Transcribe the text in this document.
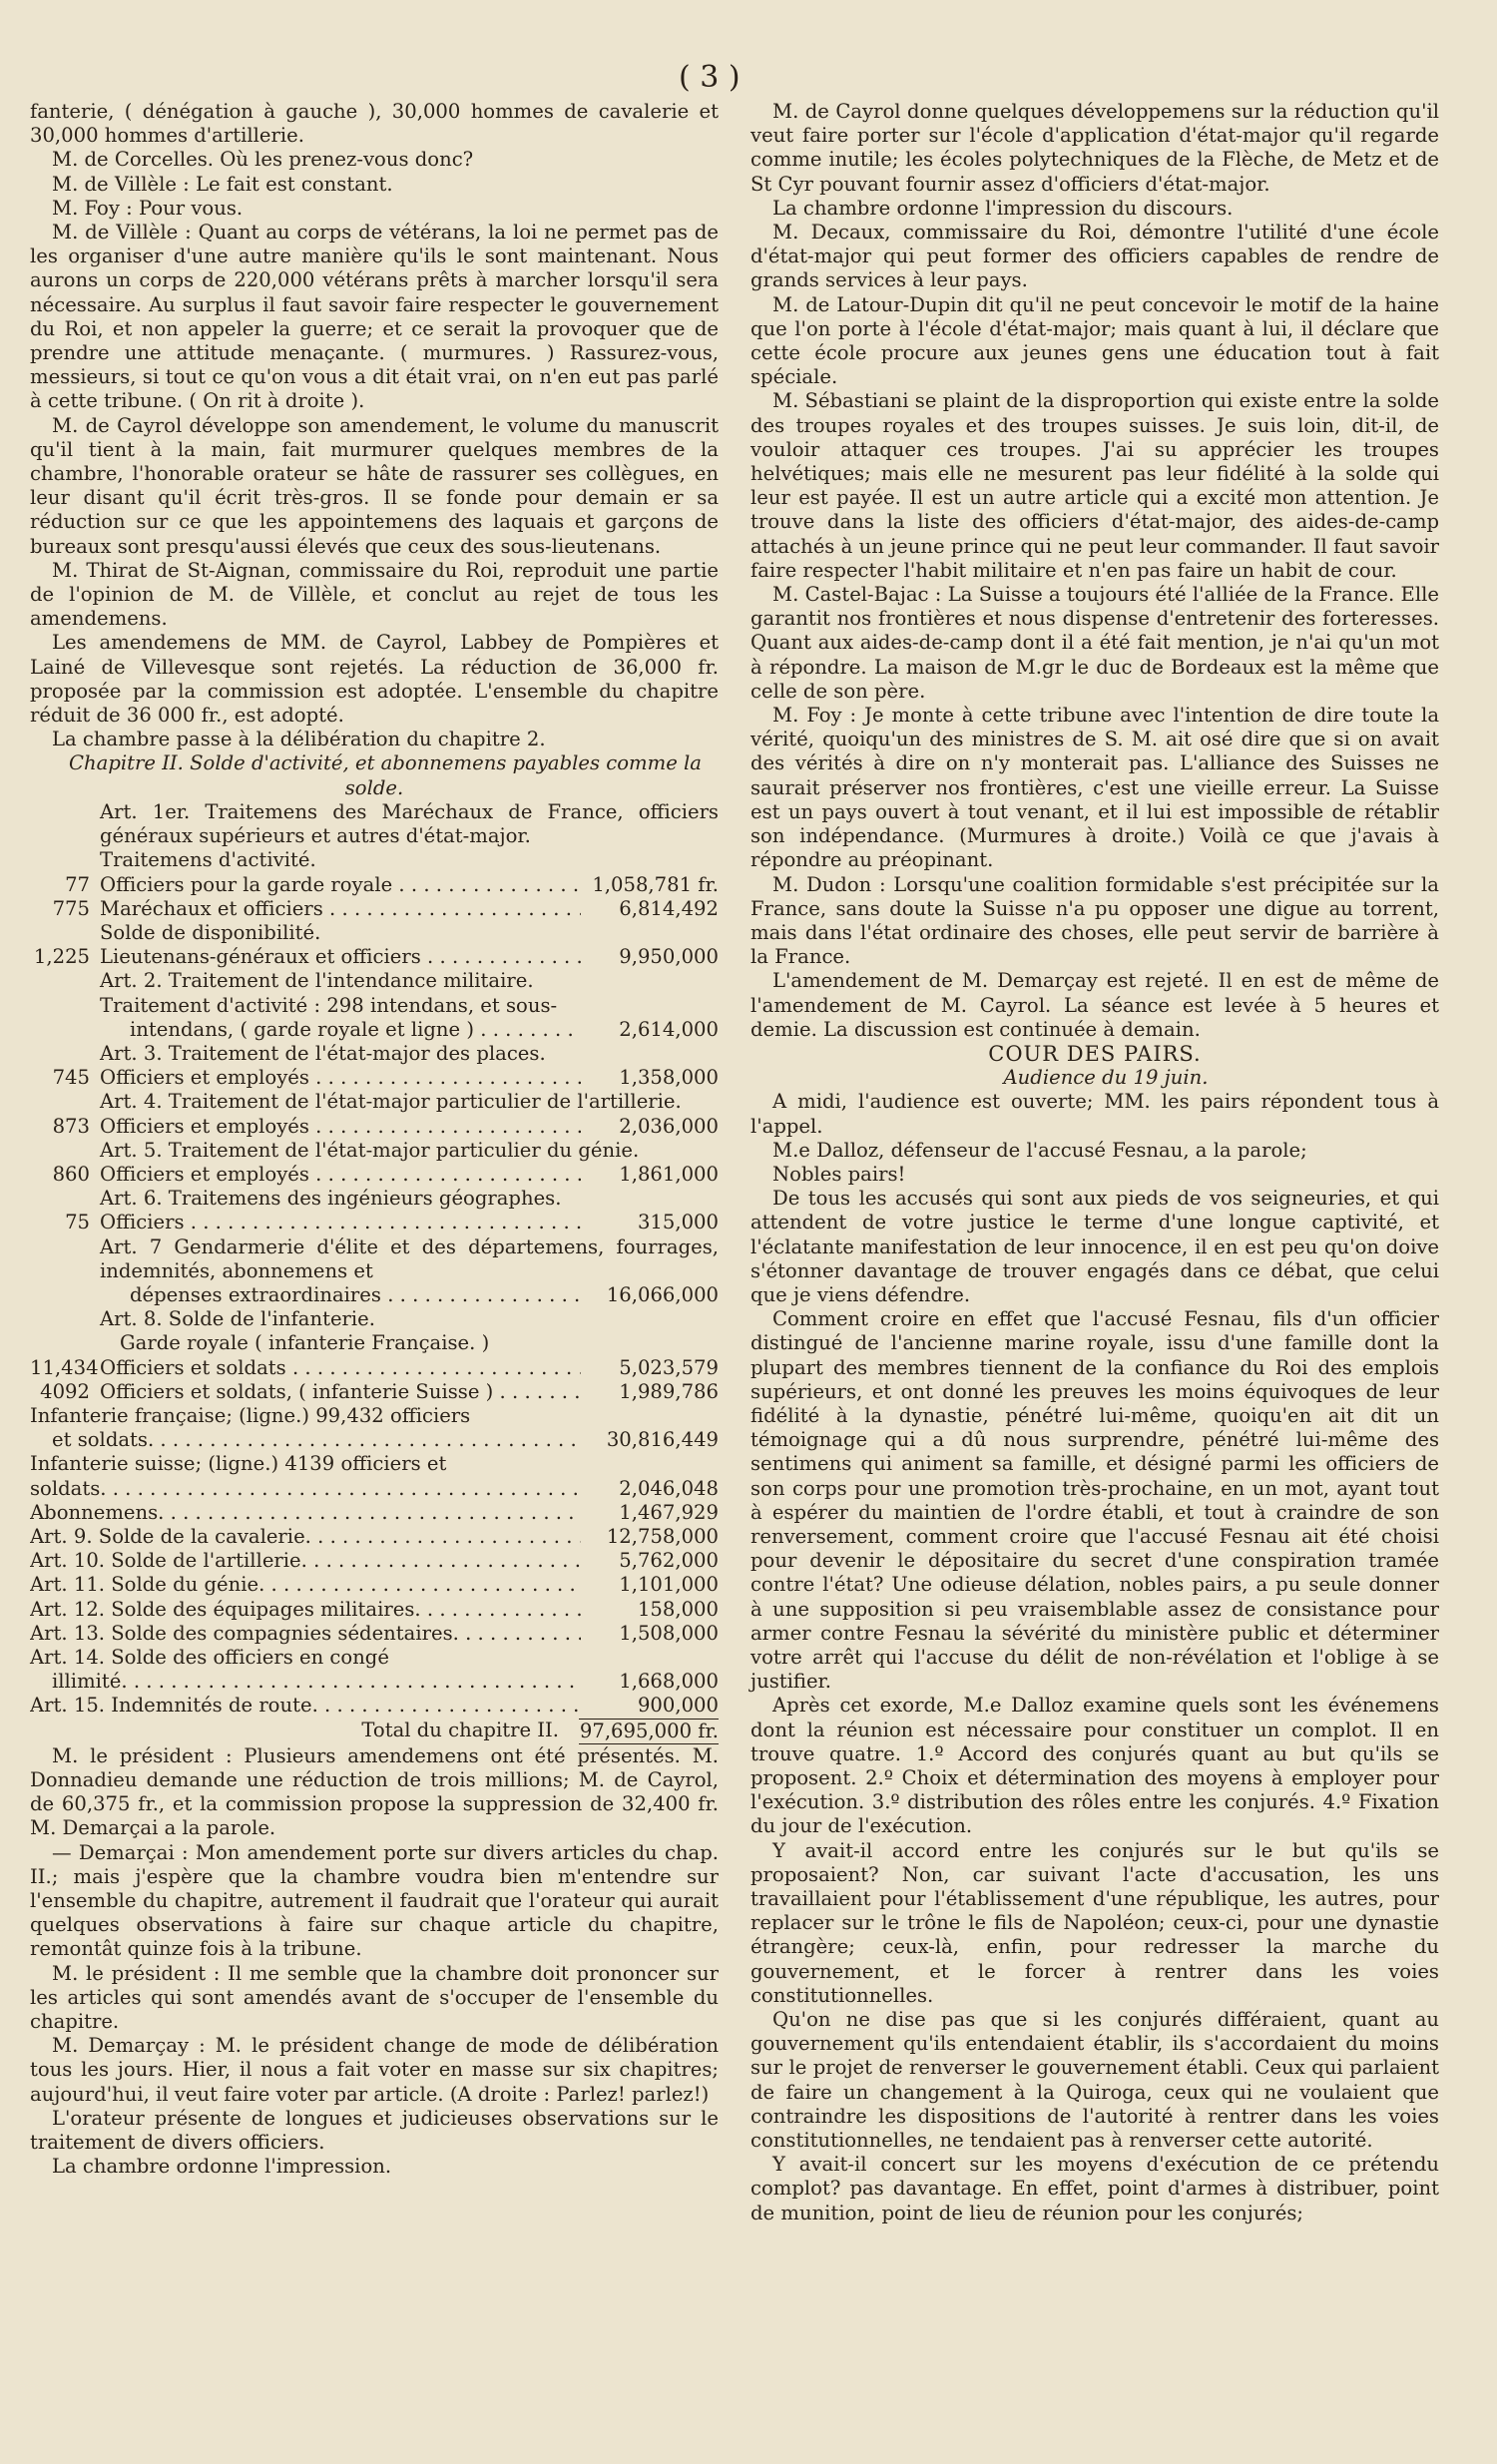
( 3 )

fanterie, ( dénégation à gauche ), 30,000 hommes de cavalerie et 30,000 hommes d'artillerie.

M. de Corcelles. Où les prenez-vous donc?

M. de Villèle : Le fait est constant.

M. Foy : Pour vous.

M. de Villèle : Quant au corps de vétérans, la loi ne permet pas de les organiser d'une autre manière qu'ils le sont maintenant. Nous aurons un corps de 220,000 vétérans prêts à marcher lorsqu'il sera nécessaire. Au surplus il faut savoir faire respecter le gouvernement du Roi, et non appeler la guerre; et ce serait la provoquer que de prendre une attitude menaçante. ( murmures. ) Rassurez-vous, messieurs, si tout ce qu'on vous a dit était vrai, on n'en eut pas parlé à cette tribune. ( On rit à droite ).

M. de Cayrol développe son amendement, le volume du manuscrit qu'il tient à la main, fait murmurer quelques membres de la chambre, l'honorable orateur se hâte de rassurer ses collègues, en leur disant qu'il écrit très-gros. Il se fonde pour demain er sa réduction sur ce que les appointemens des laquais et garçons de bureaux sont presqu'aussi élevés que ceux des sous-lieutenans.

M. Thirat de St-Aignan, commissaire du Roi, reproduit une partie de l'opinion de M. de Villèle, et conclut au rejet de tous les amendemens.

Les amendemens de MM. de Cayrol, Labbey de Pompières et Lainé de Villevesque sont rejetés. La réduction de 36,000 fr. proposée par la commission est adoptée. L'ensemble du chapitre réduit de 36 000 fr., est adopté.

La chambre passe à la délibération du chapitre 2.

Chapitre II. Solde d'activité, et abonnemens payables comme la solde.

Art. 1er. Traitemens des Maréchaux de France, officiers généraux supérieurs et autres d'état-major.

Traitemens d'activité.

77 Officiers pour la garde royale . . .	1,058,781 fr.
775 Maréchaux et officiers . . .	6,814,492

Solde de disponibilité.

1,225 Lieutenans-généraux et officiers . . .	9,950,000

Art. 2. Traitement de l'intendance militaire.

Traitement d'activité : 298 intendans, et sous-

intendans, ( garde royale et ligne ) . . .	2,614,000

Art. 3. Traitement de l'état-major des places.

745 Officiers et employés . . .	1,358,000

Art. 4. Traitement de l'état-major particulier de l'artillerie.

873 Officiers et employés . . .	2,036,000

Art. 5. Traitement de l'état-major particulier du génie.

860 Officiers et employés . . .	1,861,000

Art. 6. Traitemens des ingénieurs géographes.

75 Officiers . . .	315,000

Art. 7 Gendarmerie d'élite et des départemens, fourrages, indemnités, abonnemens et

dépenses extraordinaires . . .	16,066,000

Art. 8. Solde de l'infanterie.

Garde royale ( infanterie Française. )

11,434 Officiers et soldats . . .	5,023,579
4092 Officiers et soldats, ( infanterie Suisse ) . . .	1,989,786

Infanterie française; (ligne.) 99,432 officiers

et soldats. . . .	30,816,449

Infanterie suisse; (ligne.) 4139 officiers et

soldats. . . .	2,046,048
Abonnemens. . . .	1,467,929
Art. 9. Solde de la cavalerie. . . .	12,758,000
Art. 10. Solde de l'artillerie. . . .	5,762,000
Art. 11. Solde du génie. . . .	1,101,000
Art. 12. Solde des équipages militaires. . . .	158,000
Art. 13. Solde des compagnies sédentaires. . . .	1,508,000

Art. 14. Solde des officiers en congé

illimité. . . .	1,668,000
Art. 15. Indemnités de route. . . .	900,000
Total du chapitre II.	97,695,000 fr.

M. le président : Plusieurs amendemens ont été présentés. M. Donnadieu demande une réduction de trois millions; M. de Cayrol, de 60,375 fr., et la commission propose la suppression de 32,400 fr. M. Demarçai a la parole.

— Demarçai : Mon amendement porte sur divers articles du chap. II.; mais j'espère que la chambre voudra bien m'entendre sur l'ensemble du chapitre, autrement il faudrait que l'orateur qui aurait quelques observations à faire sur chaque article du chapitre, remontât quinze fois à la tribune.

M. le président : Il me semble que la chambre doit prononcer sur les articles qui sont amendés avant de s'occuper de l'ensemble du chapitre.

M. Demarçay : M. le président change de mode de délibération tous les jours. Hier, il nous a fait voter en masse sur six chapitres; aujourd'hui, il veut faire voter par article. (A droite : Parlez! parlez!)

L'orateur présente de longues et judicieuses observations sur le traitement de divers officiers.

La chambre ordonne l'impression.

M. de Cayrol donne quelques développemens sur la réduction qu'il veut faire porter sur l'école d'application d'état-major qu'il regarde comme inutile; les écoles polytechniques de la Flèche, de Metz et de St Cyr pouvant fournir assez d'officiers d'état-major.

La chambre ordonne l'impression du discours.

M. Decaux, commissaire du Roi, démontre l'utilité d'une école d'état-major qui peut former des officiers capables de rendre de grands services à leur pays.

M. de Latour-Dupin dit qu'il ne peut concevoir le motif de la haine que l'on porte à l'école d'état-major; mais quant à lui, il déclare que cette école procure aux jeunes gens une éducation tout à fait spéciale.

M. Sébastiani se plaint de la disproportion qui existe entre la solde des troupes royales et des troupes suisses. Je suis loin, dit-il, de vouloir attaquer ces troupes. J'ai su apprécier les troupes helvétiques; mais elle ne mesurent pas leur fidélité à la solde qui leur est payée. Il est un autre article qui a excité mon attention. Je trouve dans la liste des officiers d'état-major, des aides-de-camp attachés à un jeune prince qui ne peut leur commander. Il faut savoir faire respecter l'habit militaire et n'en pas faire un habit de cour.

M. Castel-Bajac : La Suisse a toujours été l'alliée de la France. Elle garantit nos frontières et nous dispense d'entretenir des forteresses. Quant aux aides-de-camp dont il a été fait mention, je n'ai qu'un mot à répondre. La maison de M.gr le duc de Bordeaux est la même que celle de son père.

M. Foy : Je monte à cette tribune avec l'intention de dire toute la vérité, quoiqu'un des ministres de S. M. ait osé dire que si on avait des vérités à dire on n'y monterait pas. L'alliance des Suisses ne saurait préserver nos frontières, c'est une vieille erreur. La Suisse est un pays ouvert à tout venant, et il lui est impossible de rétablir son indépendance. (Murmures à droite.) Voilà ce que j'avais à répondre au préopinant.

M. Dudon : Lorsqu'une coalition formidable s'est précipitée sur la France, sans doute la Suisse n'a pu opposer une digue au torrent, mais dans l'état ordinaire des choses, elle peut servir de barrière à la France.

L'amendement de M. Demarçay est rejeté. Il en est de même de l'amendement de M. Cayrol. La séance est levée à 5 heures et demie. La discussion est continuée à demain.

COUR DES PAIRS.

Audience du 19 juin.

A midi, l'audience est ouverte; MM. les pairs répondent tous à l'appel.

M.e Dalloz, défenseur de l'accusé Fesnau, a la parole;

Nobles pairs!

De tous les accusés qui sont aux pieds de vos seigneuries, et qui attendent de votre justice le terme d'une longue captivité, et l'éclatante manifestation de leur innocence, il en est peu qu'on doive s'étonner davantage de trouver engagés dans ce débat, que celui que je viens défendre.

Comment croire en effet que l'accusé Fesnau, fils d'un officier distingué de l'ancienne marine royale, issu d'une famille dont la plupart des membres tiennent de la confiance du Roi des emplois supérieurs, et ont donné les preuves les moins équivoques de leur fidélité à la dynastie, pénétré lui-même, quoiqu'en ait dit un témoignage qui a dû nous surprendre, pénétré lui-même des sentimens qui animent sa famille, et désigné parmi les officiers de son corps pour une promotion très-prochaine, en un mot, ayant tout à espérer du maintien de l'ordre établi, et tout à craindre de son renversement, comment croire que l'accusé Fesnau ait été choisi pour devenir le dépositaire du secret d'une conspiration tramée contre l'état? Une odieuse délation, nobles pairs, a pu seule donner à une supposition si peu vraisemblable assez de consistance pour armer contre Fesnau la sévérité du ministère public et déterminer votre arrêt qui l'accuse du délit de non-révélation et l'oblige à se justifier.

Après cet exorde, M.e Dalloz examine quels sont les événemens dont la réunion est nécessaire pour constituer un complot. Il en trouve quatre. 1.º Accord des conjurés quant au but qu'ils se proposent. 2.º Choix et détermination des moyens à employer pour l'exécution. 3.º distribution des rôles entre les conjurés. 4.º Fixation du jour de l'exécution.

Y avait-il accord entre les conjurés sur le but qu'ils se proposaient? Non, car suivant l'acte d'accusation, les uns travaillaient pour l'établissement d'une république, les autres, pour replacer sur le trône le fils de Napoléon; ceux-ci, pour une dynastie étrangère; ceux-là, enfin, pour redresser la marche du gouvernement, et le forcer à rentrer dans les voies constitutionnelles.

Qu'on ne dise pas que si les conjurés différaient, quant au gouvernement qu'ils entendaient établir, ils s'accordaient du moins sur le projet de renverser le gouvernement établi. Ceux qui parlaient de faire un changement à la Quiroga, ceux qui ne voulaient que contraindre les dispositions de l'autorité à rentrer dans les voies constitutionnelles, ne tendaient pas à renverser cette autorité.

Y avait-il concert sur les moyens d'exécution de ce prétendu complot? pas davantage. En effet, point d'armes à distribuer, point de munition, point de lieu de réunion pour les conjurés;
